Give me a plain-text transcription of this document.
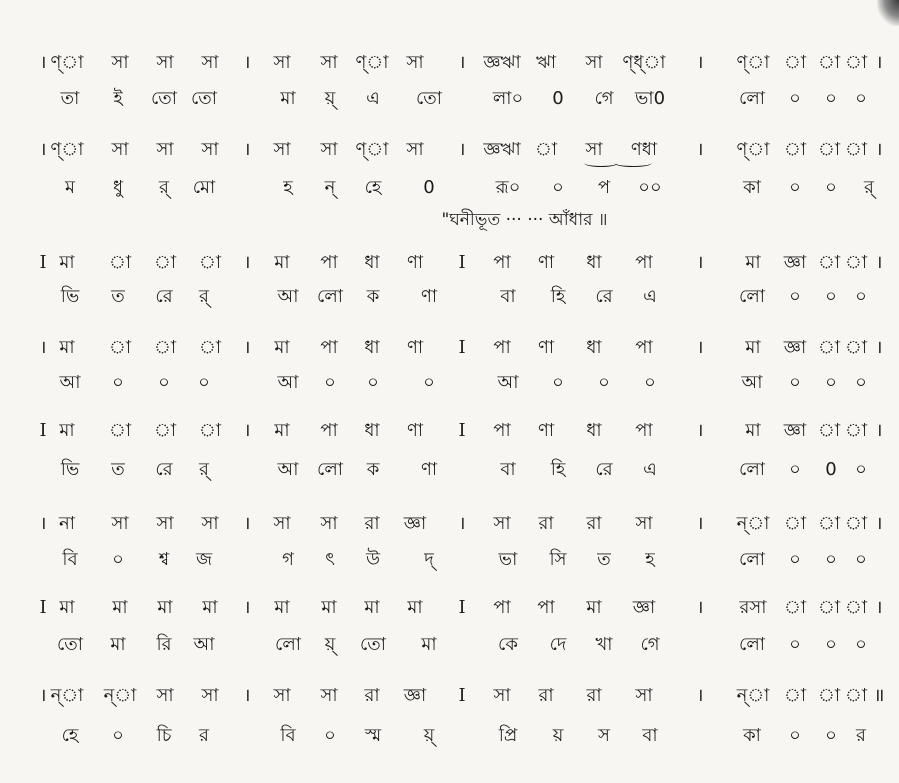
"ঘনীভূত ··· ··· আঁধার ॥
। ণ্া সা সা সা । সা সা ণ্া সা । জ্ঞঋা ঋা সা ণ্ধ্া । ণ্া া া া ।
তা ই তো তো	মা য়্ এ তো	লা০ 0 গে ভা0	লো ০ ০ ০
। ণ্া সা সা সা । সা সা ণ্া সা । জ্ঞঋা া সা ণধা । ণ্া া া া ।
ম ধু র্ মো	হ ন্ হে 0	রূ০ ০ প ০০	কা ০ ০ র্
I মা া া া । মা পা ধা ণা I পা ণা ধা পা । মা জ্ঞা া া ।
ভি ত রে র্	আ লো ক ণা	বা হি রে এ	লো ০ ০ ০
। মা া া া । মা পা ধা ণা I পা ণা ধা পা । মা জ্ঞা া া ।
আ ০ ০ ০	আ ০ ০ ০	আ ০ ০ ০	আ ০ ০ ০
I মা া া া । মা পা ধা ণা I পা ণা ধা পা । মা জ্ঞা া া ।
ভি ত রে র্	আ লো ক ণা	বা হি রে এ	লো ০ 0 ০
। না সা সা সা । সা সা রা জ্ঞা । সা রা রা সা । ন্া া া া ।
বি ০ শ্ব জ	গ ৎ উ দ্	ভা সি ত হ	লো ০ ০ ০
I মা মা মা মা । মা মা মা মা I পা পা মা জ্ঞা । রসা া া া ।
তো মা রি আ	লো য়্ তো মা	কে দে খা গে	লো ০ ০ ০
। ন্া ন্া সা সা । সা সা রা জ্ঞা I সা রা রা সা । ন্া া া া ॥
হে ০ চি র	বি ০ স্ম য়্	প্রি য় স বা	কা ০ ০ র
